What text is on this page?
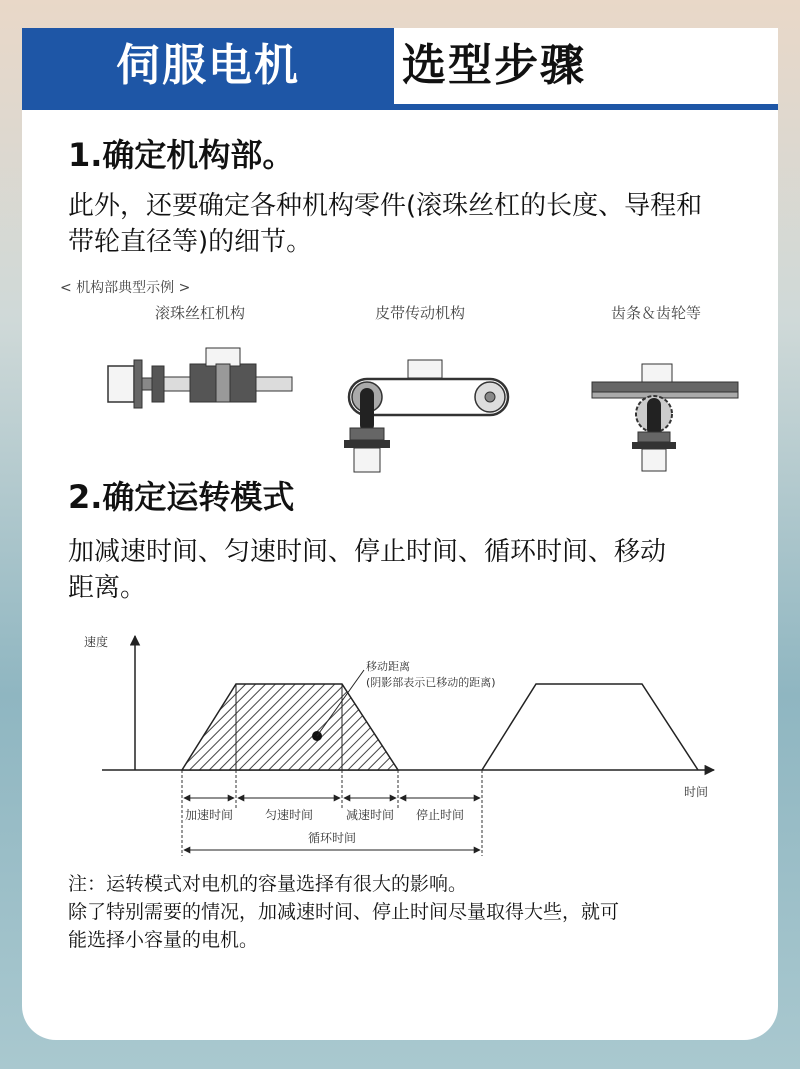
伺服电机	选型步骤
1.确定机构部。
此外，还要确定各种机构零件(滚珠丝杠的长度、导程和
带轮直径等)的细节。
< 机构部典型示例 >
滚珠丝杠机构	皮带传动机构	齿条＆齿轮等
2.确定运转模式
加减速时间、匀速时间、停止时间、循环时间、移动
距离。
速度
时间
移动距离
(阴影部表示已移动的距离)
加速时间	匀速时间	减速时间 停止时间
循环时间
注：运转模式对电机的容量选择有很大的影响。
除了特别需要的情况，加减速时间、停止时间尽量取得大些，就可
能选择小容量的电机。
